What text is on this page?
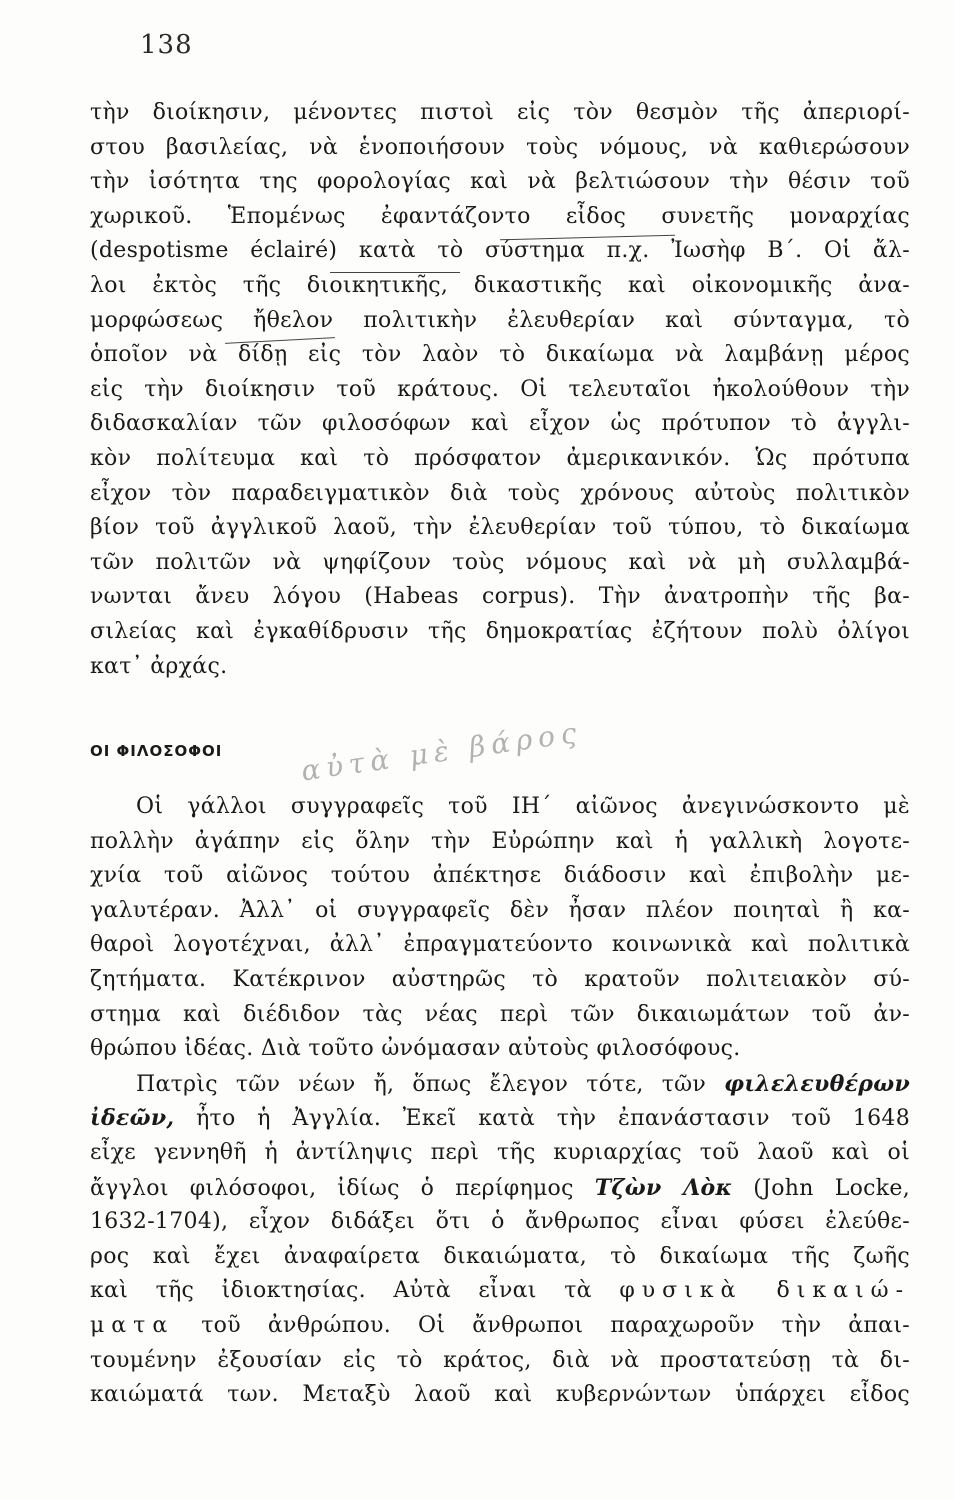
138
τὴν διοίκησιν, μένοντες πιστοὶ εἰς τὸν θεσμὸν τῆς ἀπεριορί-
στου βασιλείας, νὰ ἑνοποιήσουν τοὺς νόμους, νὰ καθιερώσουν
τὴν ἰσότητα της φορολογίας καὶ νὰ βελτιώσουν τὴν θέσιν τοῦ
χωρικοῦ. Ἑπομένως ἐφαντάζοντο εἶδος συνετῆς μοναρχίας
(despotisme éclairé) κατὰ τὸ σύστημα π.χ. Ἰωσὴφ Β΄. Οἱ ἄλ-
λοι ἐκτὸς τῆς διοικητικῆς, δικαστικῆς καὶ οἰκονομικῆς ἀνα-
μορφώσεως ἤθελον πολιτικὴν ἐλευθερίαν καὶ σύνταγμα, τὸ
ὁποῖον νὰ δίδῃ εἰς τὸν λαὸν τὸ δικαίωμα νὰ λαμβάνῃ μέρος
εἰς τὴν διοίκησιν τοῦ κράτους. Οἱ τελευταῖοι ἠκολούθουν τὴν
διδασκαλίαν τῶν φιλοσόφων καὶ εἶχον ὡς πρότυπον τὸ ἀγγλι-
κὸν πολίτευμα καὶ τὸ πρόσφατον ἀμερικανικόν. Ὡς πρότυπα
εἶχον τὸν παραδειγματικὸν διὰ τοὺς χρόνους αὐτοὺς πολιτικὸν
βίον τοῦ ἀγγλικοῦ λαοῦ, τὴν ἐλευθερίαν τοῦ τύπου, τὸ δικαίωμα
τῶν πολιτῶν νὰ ψηφίζουν τοὺς νόμους καὶ νὰ μὴ συλλαμβά-
νωνται ἄνευ λόγου (Habeas corpus). Τὴν ἀνατροπὴν τῆς βα-
σιλείας καὶ ἐγκαθίδρυσιν τῆς δημοκρατίας ἐζήτουν πολὺ ὀλίγοι
κατ᾽ ἀρχάς.
ΟΙ ΦΙΛΟΣΟΦΟΙ	αὐτὰ μὲ βάρος
Οἱ γάλλοι συγγραφεῖς τοῦ ΙΗ΄ αἰῶνος ἀνεγινώσκοντο μὲ
πολλὴν ἀγάπην εἰς ὅλην τὴν Εὐρώπην καὶ ἡ γαλλικὴ λογοτε-
χνία τοῦ αἰῶνος τούτου ἀπέκτησε διάδοσιν καὶ ἐπιβολὴν με-
γαλυτέραν. Ἀλλ᾽ οἱ συγγραφεῖς δὲν ἦσαν πλέον ποιηταὶ ἢ κα-
θαροὶ λογοτέχναι, ἀλλ᾽ ἐπραγματεύοντο κοινωνικὰ καὶ πολιτικὰ
ζητήματα. Κατέκρινον αὐστηρῶς τὸ κρατοῦν πολιτειακὸν σύ-
στημα καὶ διέδιδον τὰς νέας περὶ τῶν δικαιωμάτων τοῦ ἀν-
θρώπου ἰδέας. Διὰ τοῦτο ὠνόμασαν αὐτοὺς φιλοσόφους.
Πατρὶς τῶν νέων ἤ, ὅπως ἔλεγον τότε, τῶν φιλελευθέρων
ἰδεῶν, ἦτο ἡ Ἀγγλία. Ἐκεῖ κατὰ τὴν ἐπανάστασιν τοῦ 1648
εἶχε γεννηθῆ ἡ ἀντίληψις περὶ τῆς κυριαρχίας τοῦ λαοῦ καὶ οἱ
ἄγγλοι φιλόσοφοι, ἰδίως ὁ περίφημος Τζὼν Λὸκ (John Locke,
1632-1704), εἶχον διδάξει ὅτι ὁ ἄνθρωπος εἶναι φύσει ἐλεύθε-
ρος καὶ ἔχει ἀναφαίρετα δικαιώματα, τὸ δικαίωμα τῆς ζωῆς
καὶ τῆς ἰδιοκτησίας. Αὐτὰ εἶναι τὰ φυσικὰ δικαιώ-
ματα τοῦ ἀνθρώπου. Οἱ ἄνθρωποι παραχωροῦν τὴν ἀπαι-
τουμένην ἐξουσίαν εἰς τὸ κράτος, διὰ νὰ προστατεύσῃ τὰ δι-
καιώματά των. Μεταξὺ λαοῦ καὶ κυβερνώντων ὑπάρχει εἶδος
